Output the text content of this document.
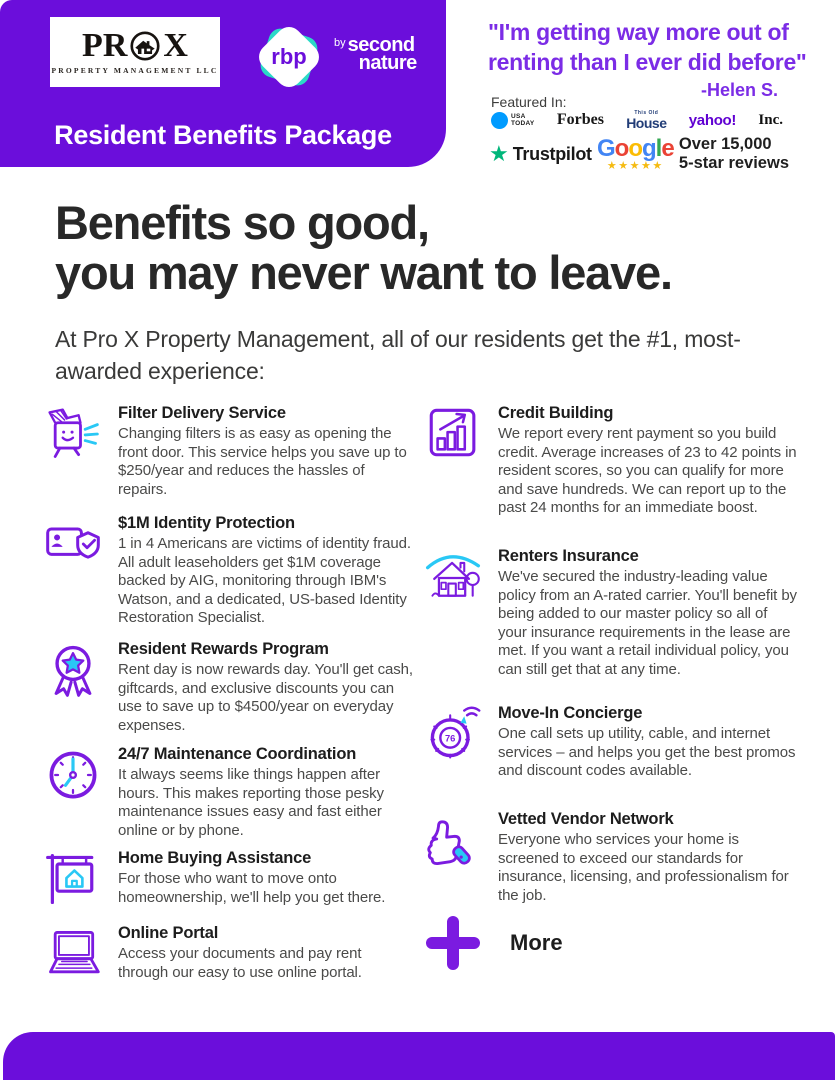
PR X
PROPERTY MANAGEMENT LLC
rbp
by second
nature
Resident Benefits Package
"I'm getting way more out of
renting than I ever did before"
-Helen S.
Featured In:
USA
TODAY Forbes	This Old
House yahoo! Inc.
★ Trustpilot Google
★★★★★
Over 15,000
5-star reviews
Benefits so good,
you may never want to leave.
At Pro X Property Management, all of our residents get the #1, most-awarded experience:
Filter Delivery Service
Changing filters is as easy as opening the front door. This service helps you save up to $250/year and reduces the hassles of repairs.
$1M Identity Protection
1 in 4 Americans are victims of identity fraud. All adult leaseholders get $1M coverage backed by AIG, monitoring through IBM's Watson, and a dedicated, US-based Identity Restoration Specialist.
Resident Rewards Program
Rent day is now rewards day. You'll get cash, giftcards, and exclusive discounts you can use to save up to $4500/year on everyday expenses.
24/7 Maintenance Coordination
It always seems like things happen after hours. This makes reporting those pesky maintenance issues easy and fast either online or by phone.
Home Buying Assistance
For those who want to move onto homeownership, we'll help you get there.
Online Portal
Access your documents and pay rent through our easy to use online portal.
Credit Building
We report every rent payment so you build credit. Average increases of 23 to 42 points in resident scores, so you can qualify for more and save hundreds. We can report up to the past 24 months for an immediate boost.
Renters Insurance
We've secured the industry-leading value policy from an A-rated carrier. You'll benefit by being added to our master policy so all of your insurance requirements in the lease are met. If you want a retail individual policy, you can still get that at any time.
76
Move-In Concierge
One call sets up utility, cable, and internet services – and helps you get the best promos and discount codes available.
Vetted Vendor Network
Everyone who services your home is screened to exceed our standards for insurance, licensing, and professionalism for the job.
More
